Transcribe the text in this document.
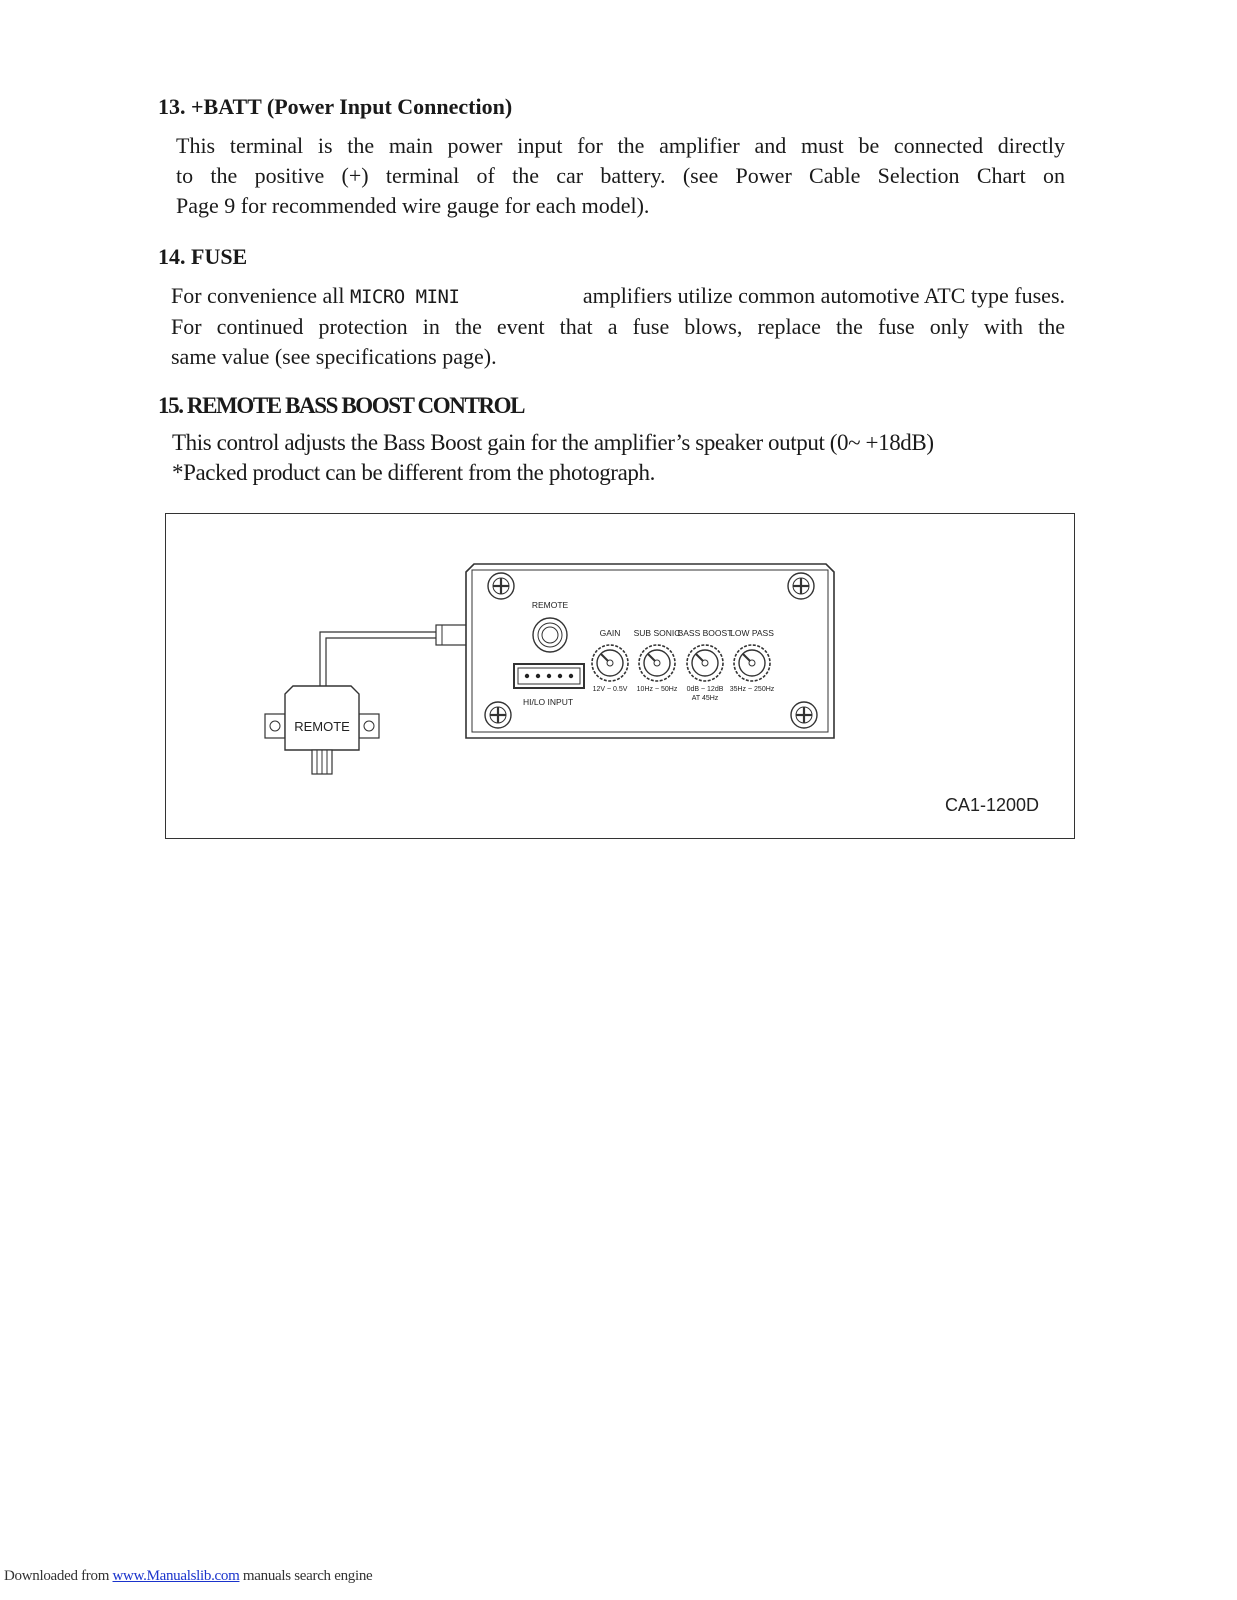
13. +BATT (Power Input Connection)
This terminal is the main power input for the amplifier and must be connected directly
to the positive (+) terminal of the car battery. (see Power Cable Selection Chart on
Page 9 for recommended wire gauge for each model).
14. FUSE
For convenience all MICRO MINI	amplifiers utilize common automotive ATC type fuses.
For continued protection in the event that a fuse blows, replace the fuse only with the
same value (see specifications page).
15. REMOTE BASS BOOST CONTROL
This control adjusts the Bass Boost gain for the amplifier’s speaker output (0~ +18dB)
*Packed product can be different from the photograph.
REMOTE
REMOTE
HI/LO INPUT
GAIN
12V ~ 0.5V
SUB SONIC
10Hz ~ 50Hz
BASS BOOST
0dB ~ 12dB
AT 45Hz
LOW PASS
35Hz ~ 250Hz
CA1-1200D
Downloaded from www.Manualslib.com manuals search engine
